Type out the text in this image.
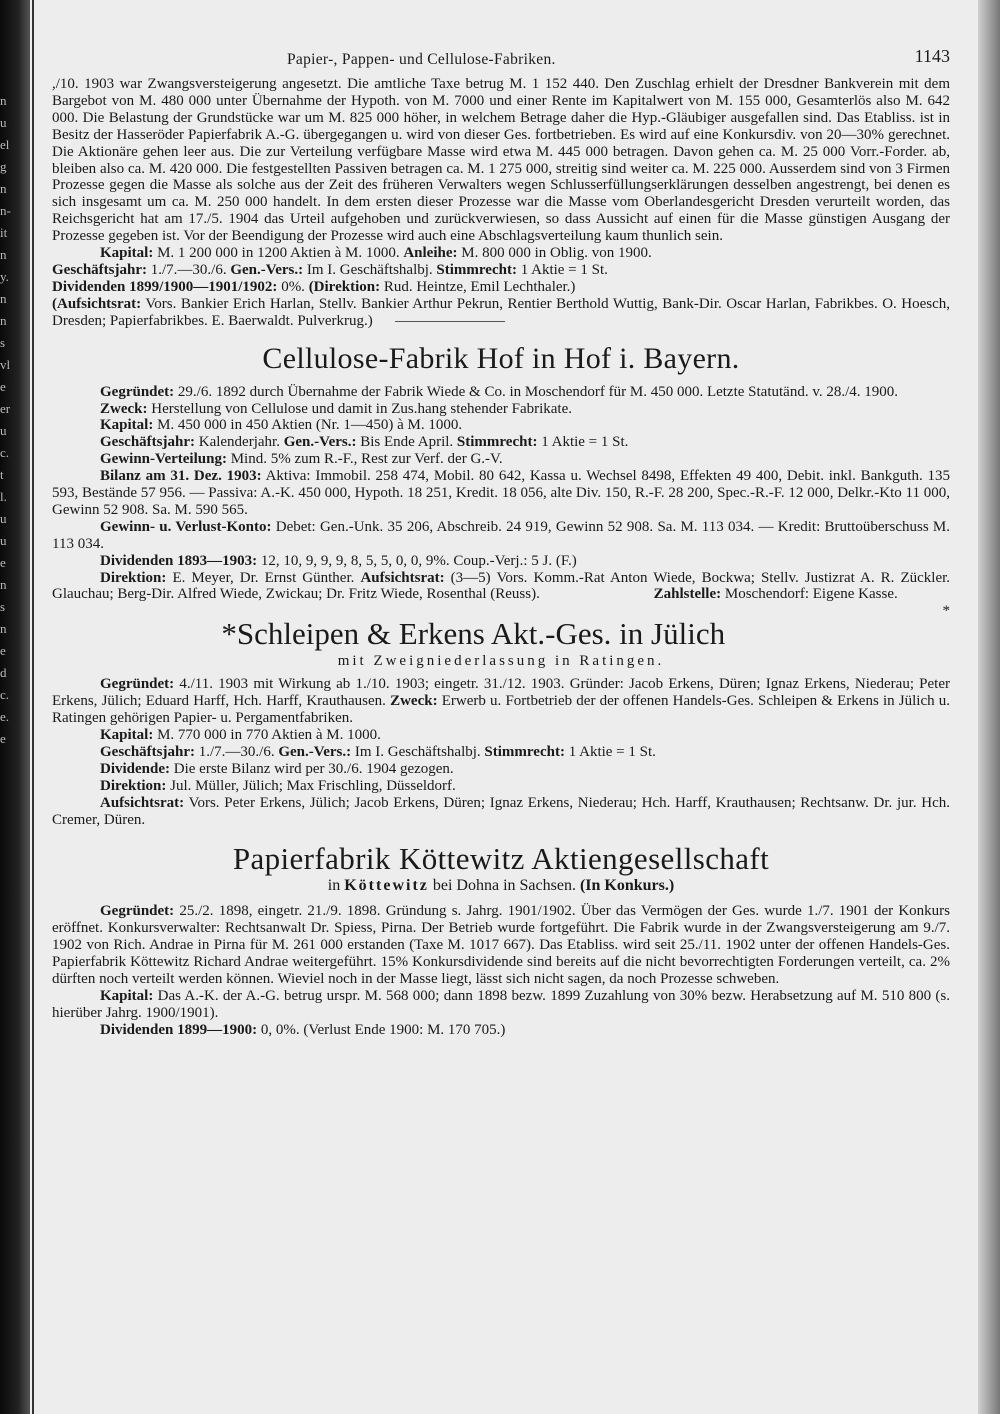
n
u
el
g
n
n-
it
n
y.
n
n
s
vl
e
er
u
c.
t
l.
u
u
e
n
s
n
e
d
c.
e.
e
Papier-, Pappen- und Cellulose-Fabriken.	1143

,/10. 1903 war Zwangsversteigerung angesetzt. Die amtliche Taxe betrug M. 1 152 440. Den Zuschlag erhielt der Dresdner Bankverein mit dem Bargebot von M. 480 000 unter Übernahme der Hypoth. von M. 7000 und einer Rente im Kapitalwert von M. 155 000, Gesamterlös also M. 642 000. Die Belastung der Grundstücke war um M. 825 000 höher, in welchem Betrage daher die Hyp.-Gläubiger ausgefallen sind. Das Etabliss. ist in Besitz der Hasseröder Papierfabrik A.-G. übergegangen u. wird von dieser Ges. fortbetrieben. Es wird auf eine Konkursdiv. von 20—30% gerechnet. Die Aktionäre gehen leer aus. Die zur Verteilung verfügbare Masse wird etwa M. 445 000 betragen. Davon gehen ca. M. 25 000 Vorr.-Forder. ab, bleiben also ca. M. 420 000. Die festgestellten Passiven betragen ca. M. 1 275 000, streitig sind weiter ca. M. 225 000. Ausserdem sind von 3 Firmen Prozesse gegen die Masse als solche aus der Zeit des früheren Verwalters wegen Schlusserfüllungserklärungen desselben angestrengt, bei denen es sich insgesamt um ca. M. 250 000 handelt. In dem ersten dieser Prozesse war die Masse vom Oberlandesgericht Dresden verurteilt worden, das Reichsgericht hat am 17./5. 1904 das Urteil aufgehoben und zurückverwiesen, so dass Aussicht auf einen für die Masse günstigen Ausgang der Prozesse gegeben ist. Vor der Beendigung der Prozesse wird auch eine Abschlagsverteilung kaum thunlich sein.

Kapital: M. 1 200 000 in 1200 Aktien à M. 1000. Anleihe: M. 800 000 in Oblig. von 1900.

Geschäftsjahr: 1./7.—30./6. Gen.-Vers.: Im I. Geschäftshalbj. Stimmrecht: 1 Aktie = 1 St.

Dividenden 1899/1900—1901/1902: 0%. (Direktion: Rud. Heintze, Emil Lechthaler.)

(Aufsichtsrat: Vors. Bankier Erich Harlan, Stellv. Bankier Arthur Pekrun, Rentier Berthold Wuttig, Bank-Dir. Oscar Harlan, Fabrikbes. O. Hoesch, Dresden; Papierfabrikbes. E. Baerwaldt. Pulverkrug.)

Cellulose-Fabrik Hof in Hof i. Bayern.

Gegründet: 29./6. 1892 durch Übernahme der Fabrik Wiede & Co. in Moschendorf für M. 450 000. Letzte Statutänd. v. 28./4. 1900.

Zweck: Herstellung von Cellulose und damit in Zus.hang stehender Fabrikate.

Kapital: M. 450 000 in 450 Aktien (Nr. 1—450) à M. 1000.

Geschäftsjahr: Kalenderjahr. Gen.-Vers.: Bis Ende April. Stimmrecht: 1 Aktie = 1 St.

Gewinn-Verteilung: Mind. 5% zum R.-F., Rest zur Verf. der G.-V.

Bilanz am 31. Dez. 1903: Aktiva: Immobil. 258 474, Mobil. 80 642, Kassa u. Wechsel 8498, Effekten 49 400, Debit. inkl. Bankguth. 135 593, Bestände 57 956. — Passiva: A.-K. 450 000, Hypoth. 18 251, Kredit. 18 056, alte Div. 150, R.-F. 28 200, Spec.-R.-F. 12 000, Delkr.-Kto 11 000, Gewinn 52 908. Sa. M. 590 565.

Gewinn- u. Verlust-Konto: Debet: Gen.-Unk. 35 206, Abschreib. 24 919, Gewinn 52 908. Sa. M. 113 034. — Kredit: Bruttoüberschuss M. 113 034.

Dividenden 1893—1903: 12, 10, 9, 9, 9, 8, 5, 5, 0, 0, 9%. Coup.-Verj.: 5 J. (F.)

Direktion: E. Meyer, Dr. Ernst Günther. Aufsichtsrat: (3—5) Vors. Komm.-Rat Anton Wiede, Bockwa; Stellv. Justizrat A. R. Zückler. Glauchau; Berg-Dir. Alfred Wiede, Zwickau; Dr. Fritz Wiede, Rosenthal (Reuss).	Zahlstelle: Moschendorf: Eigene Kasse.
*

*Schleipen & Erkens Akt.-Ges. in Jülich
mit Zweigniederlassung in Ratingen.

Gegründet: 4./11. 1903 mit Wirkung ab 1./10. 1903; eingetr. 31./12. 1903. Gründer: Jacob Erkens, Düren; Ignaz Erkens, Niederau; Peter Erkens, Jülich; Eduard Harff, Hch. Harff, Krauthausen. Zweck: Erwerb u. Fortbetrieb der der offenen Handels-Ges. Schleipen & Erkens in Jülich u. Ratingen gehörigen Papier- u. Pergamentfabriken.

Kapital: M. 770 000 in 770 Aktien à M. 1000.

Geschäftsjahr: 1./7.—30./6. Gen.-Vers.: Im I. Geschäftshalbj. Stimmrecht: 1 Aktie = 1 St.

Dividende: Die erste Bilanz wird per 30./6. 1904 gezogen.

Direktion: Jul. Müller, Jülich; Max Frischling, Düsseldorf.

Aufsichtsrat: Vors. Peter Erkens, Jülich; Jacob Erkens, Düren; Ignaz Erkens, Niederau; Hch. Harff, Krauthausen; Rechtsanw. Dr. jur. Hch. Cremer, Düren.

Papierfabrik Köttewitz Aktiengesellschaft
in Köttewitz bei Dohna in Sachsen. (In Konkurs.)

Gegründet: 25./2. 1898, eingetr. 21./9. 1898. Gründung s. Jahrg. 1901/1902. Über das Vermögen der Ges. wurde 1./7. 1901 der Konkurs eröffnet. Konkursverwalter: Rechtsanwalt Dr. Spiess, Pirna. Der Betrieb wurde fortgeführt. Die Fabrik wurde in der Zwangsversteigerung am 9./7. 1902 von Rich. Andrae in Pirna für M. 261 000 erstanden (Taxe M. 1017 667). Das Etabliss. wird seit 25./11. 1902 unter der offenen Handels-Ges. Papierfabrik Köttewitz Richard Andrae weitergeführt. 15% Konkursdividende sind bereits auf die nicht bevorrechtigten Forderungen verteilt, ca. 2% dürften noch verteilt werden können. Wieviel noch in der Masse liegt, lässt sich nicht sagen, da noch Prozesse schweben.

Kapital: Das A.-K. der A.-G. betrug urspr. M. 568 000; dann 1898 bezw. 1899 Zuzahlung von 30% bezw. Herabsetzung auf M. 510 800 (s. hierüber Jahrg. 1900/1901).

Dividenden 1899—1900: 0, 0%. (Verlust Ende 1900: M. 170 705.)
